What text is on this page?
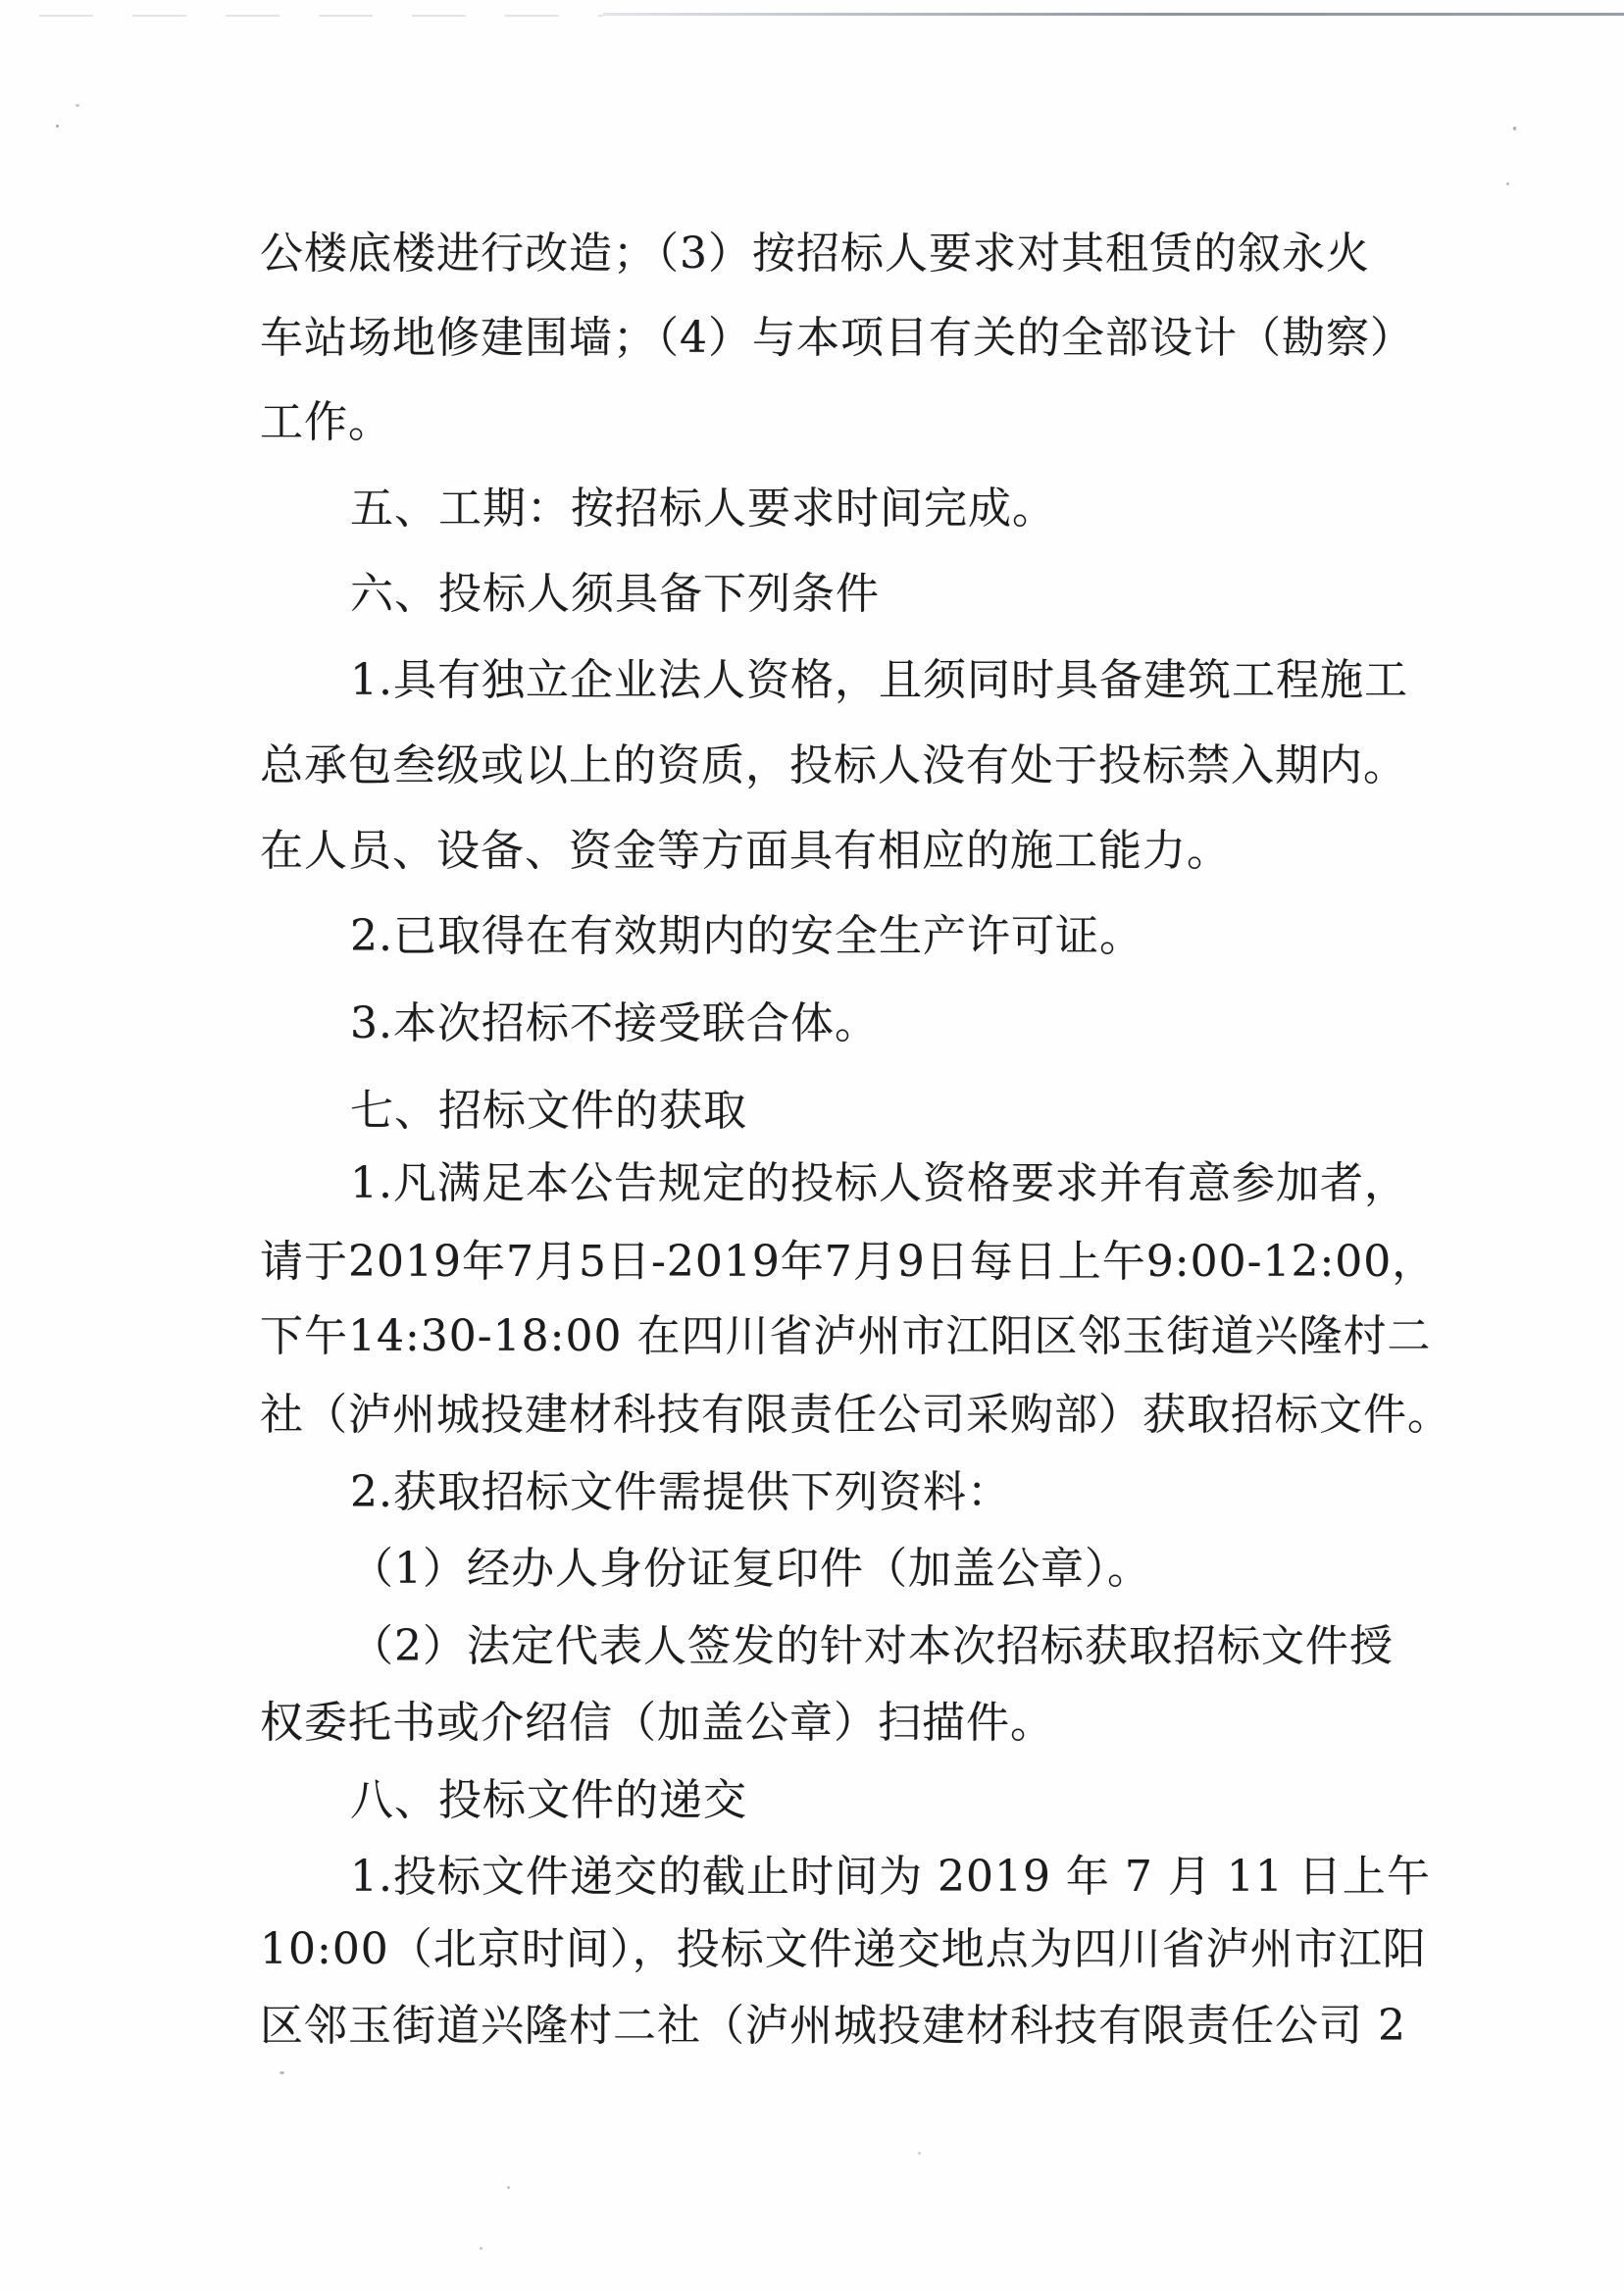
公楼底楼进行改造；（3）按招标人要求对其租赁的叙永火
车站场地修建围墙；（4）与本项目有关的全部设计（勘察）
工作。
五、工期：按招标人要求时间完成。
六、投标人须具备下列条件
1.具有独立企业法人资格，且须同时具备建筑工程施工
总承包叁级或以上的资质，投标人没有处于投标禁入期内。
在人员、设备、资金等方面具有相应的施工能力。
2.已取得在有效期内的安全生产许可证。
3.本次招标不接受联合体。
七、招标文件的获取
1.凡满足本公告规定的投标人资格要求并有意参加者，
请于2019年7月5日-2019年7月9日每日上午9:00-12:00，
下午14:30-18:00 在四川省泸州市江阳区邻玉街道兴隆村二
社（泸州城投建材科技有限责任公司采购部）获取招标文件。
2.获取招标文件需提供下列资料：
（1）经办人身份证复印件（加盖公章）。
（2）法定代表人签发的针对本次招标获取招标文件授
权委托书或介绍信（加盖公章）扫描件。
八、投标文件的递交
1.投标文件递交的截止时间为 2019 年 7 月 11 日上午
10:00（北京时间），投标文件递交地点为四川省泸州市江阳
区邻玉街道兴隆村二社（泸州城投建材科技有限责任公司 2
